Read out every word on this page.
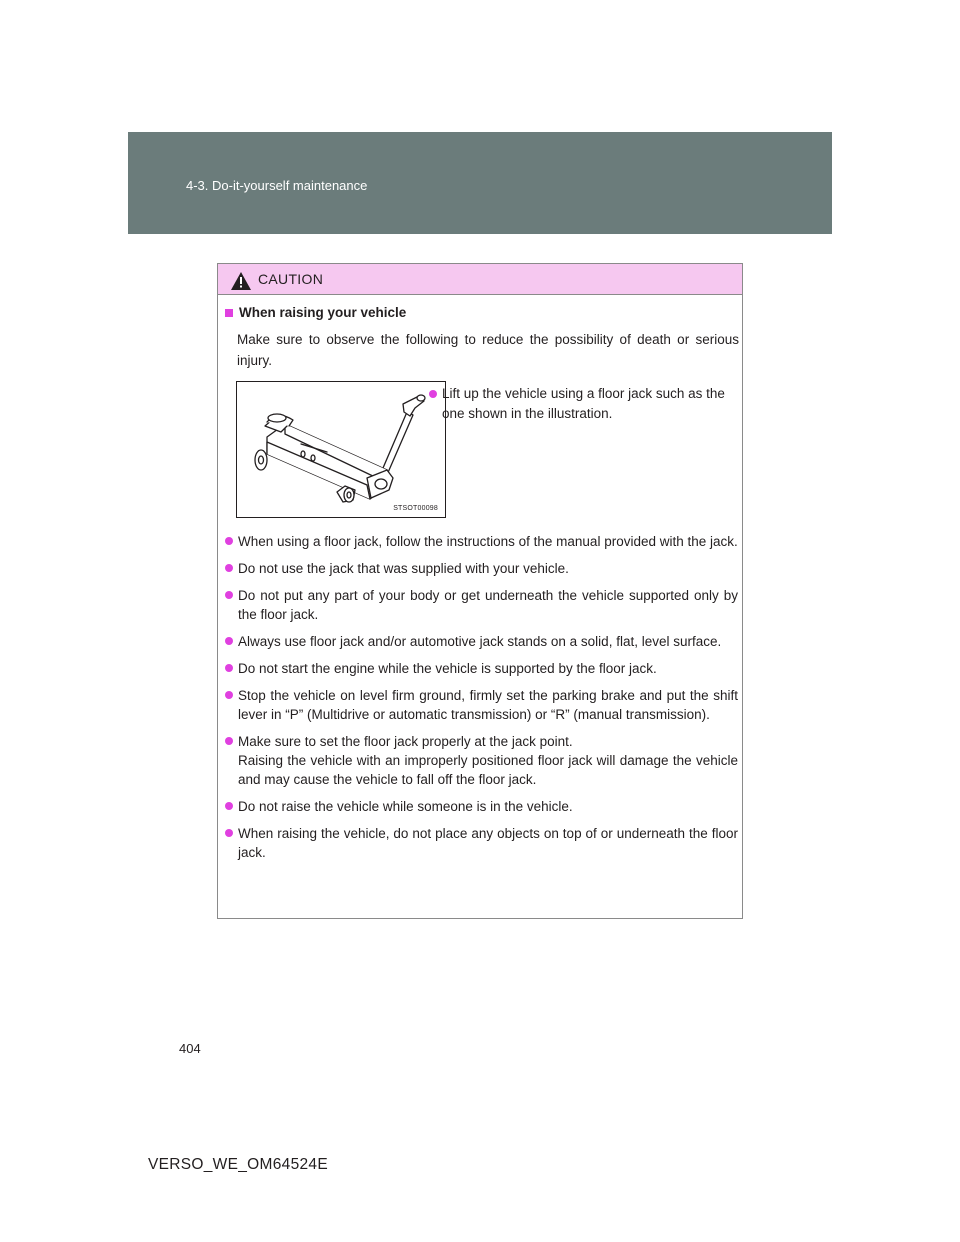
4-3. Do-it-yourself maintenance
CAUTION
When raising your vehicle
Make sure to observe the following to reduce the possibility of death or serious injury.
STSOT00098
Lift up the vehicle using a floor jack such as the one shown in the illustration.
When using a floor jack, follow the instructions of the manual provided with the jack.
Do not use the jack that was supplied with your vehicle.
Do not put any part of your body or get underneath the vehicle supported only by the floor jack.
Always use floor jack and/or automotive jack stands on a solid, flat, level surface.
Do not start the engine while the vehicle is supported by the floor jack.
Stop the vehicle on level firm ground, firmly set the parking brake and put the shift lever in “P” (Multidrive or automatic transmission) or “R” (manual transmission).
Make sure to set the floor jack properly at the jack point.
Raising the vehicle with an improperly positioned floor jack will damage the vehicle and may cause the vehicle to fall off the floor jack.
Do not raise the vehicle while someone is in the vehicle.
When raising the vehicle, do not place any objects on top of or underneath the floor jack.
404
VERSO_WE_OM64524E
